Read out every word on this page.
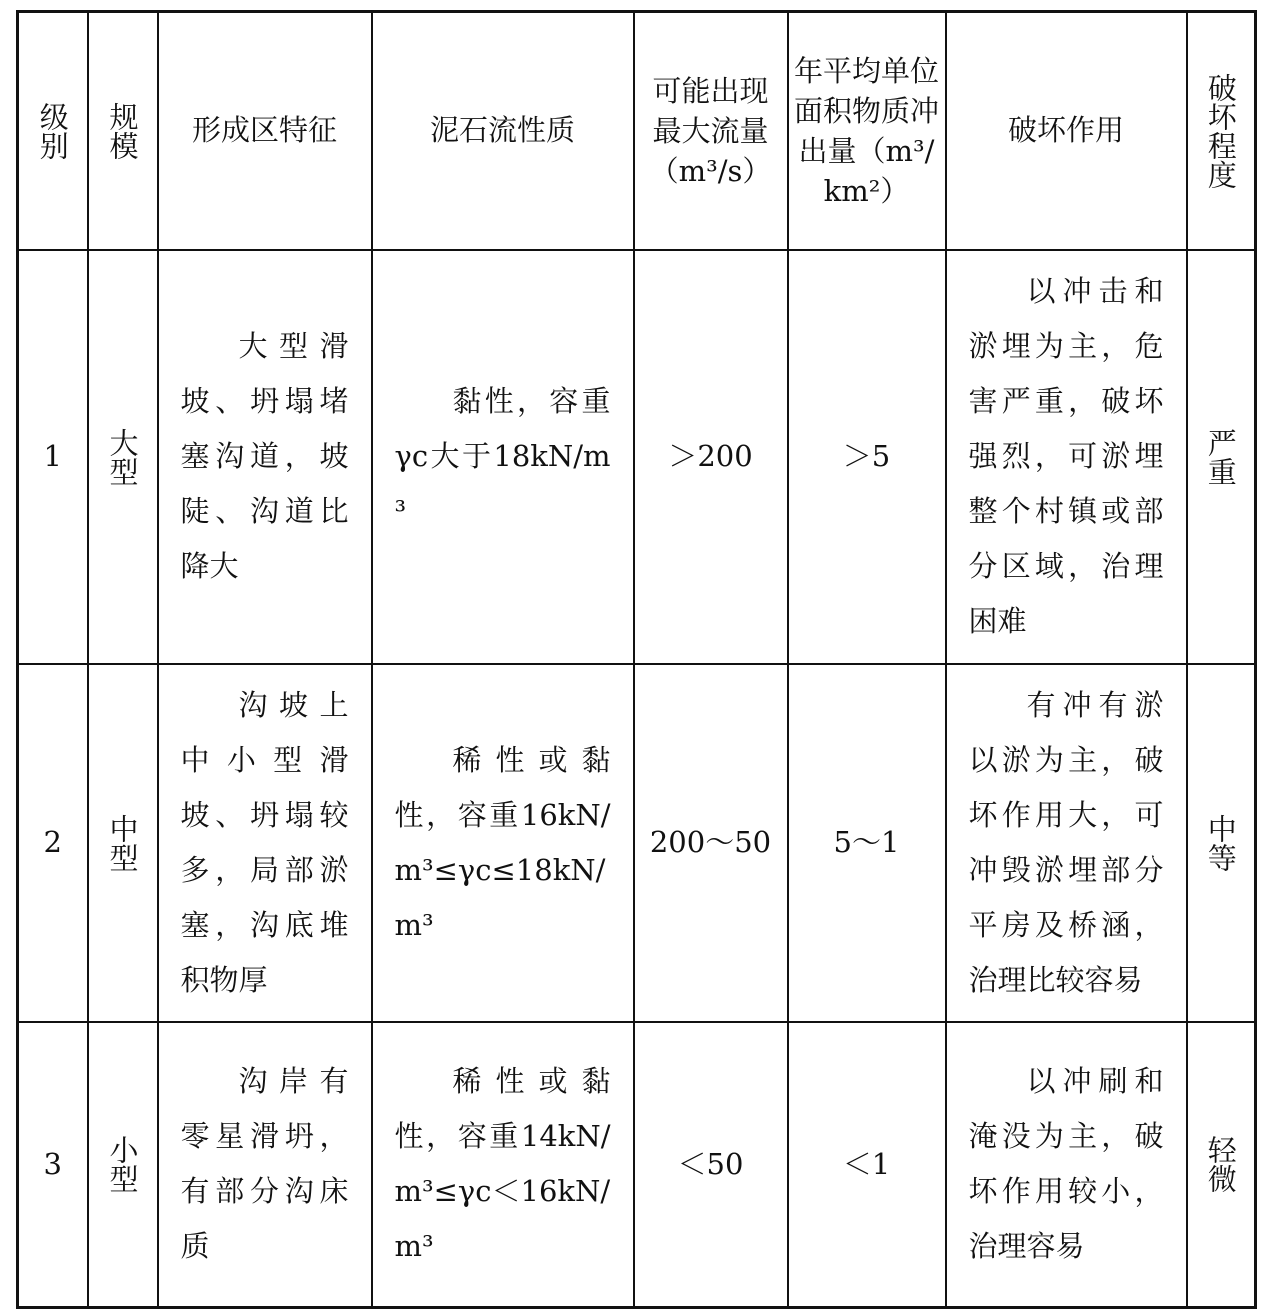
级别	规模	形成区特征	泥石流性质	可能出现最大流量（m³/s）	年平均单位面积物质冲出量（m³/km²）	破坏作用	破坏程度

1	大型	大型滑坡、坍塌堵塞沟道，坡陡、沟道比降大	黏性，容重γc大于18kN/m³	＞200	＞5	以冲击和淤埋为主，危害严重，破坏强烈，可淤埋整个村镇或部分区域，治理困难	严重

2	中型	沟坡上中小型滑坡、坍塌较多，局部淤塞，沟底堆积物厚	稀性或黏性，容重16kN/m³≤γc≤18kN/m³	200～50	5～1	有冲有淤以淤为主，破坏作用大，可冲毁淤埋部分平房及桥涵，治理比较容易	中等

3	小型	沟岸有零星滑坍，有部分沟床质	稀性或黏性，容重14kN/m³≤γc＜16kN/m³	＜50	＜1	以冲刷和淹没为主，破坏作用较小，治理容易	轻微
